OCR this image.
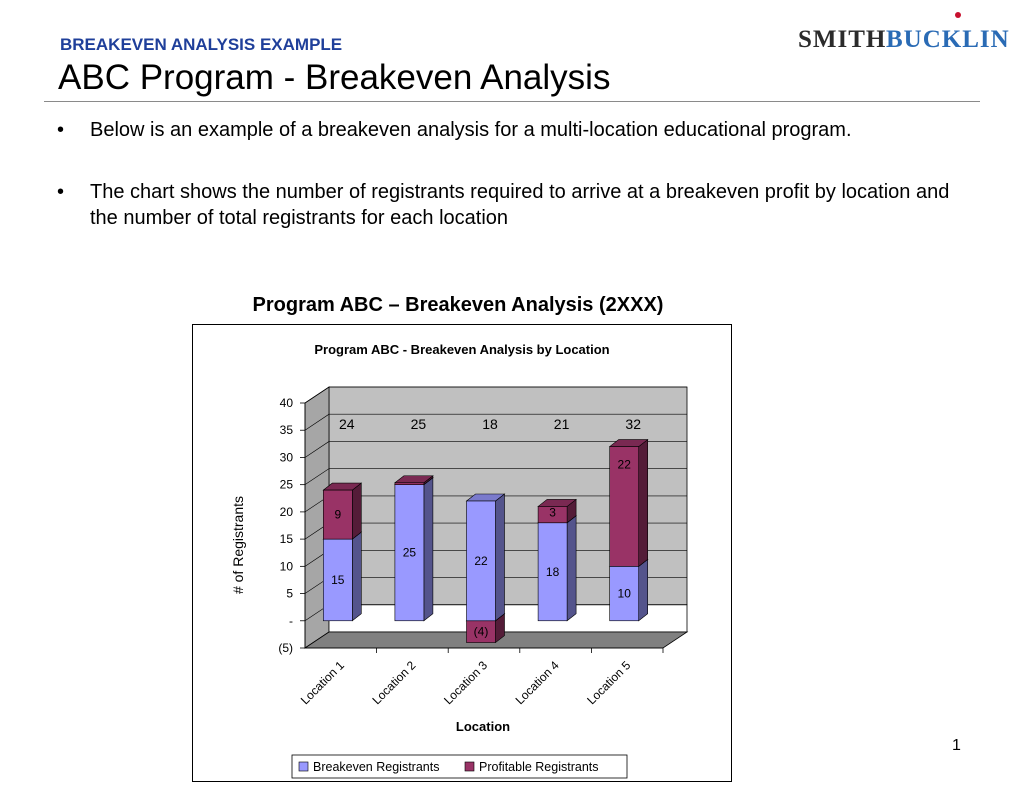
BREAKEVEN ANALYSIS EXAMPLE
ABC Program - Breakeven Analysis
SMITH BUCKLIN
• Below is an example of a breakeven analysis for a multi-location educational program.
• The chart shows the number of registrants required to arrive at a breakeven profit by location and the number of total registrants for each location
Program ABC – Breakeven Analysis (2XXX)
40
35
30
25
20
15
10
5
-
(5)
15
9
24
Location 1
25
25
Location 2
22
(4)
18
Location 3
18
3
21
Location 4
10
22
32
Location 5
Program ABC - Breakeven Analysis by Location
Location
# of Registrants
Breakeven Registrants	Profitable Registrants
1
